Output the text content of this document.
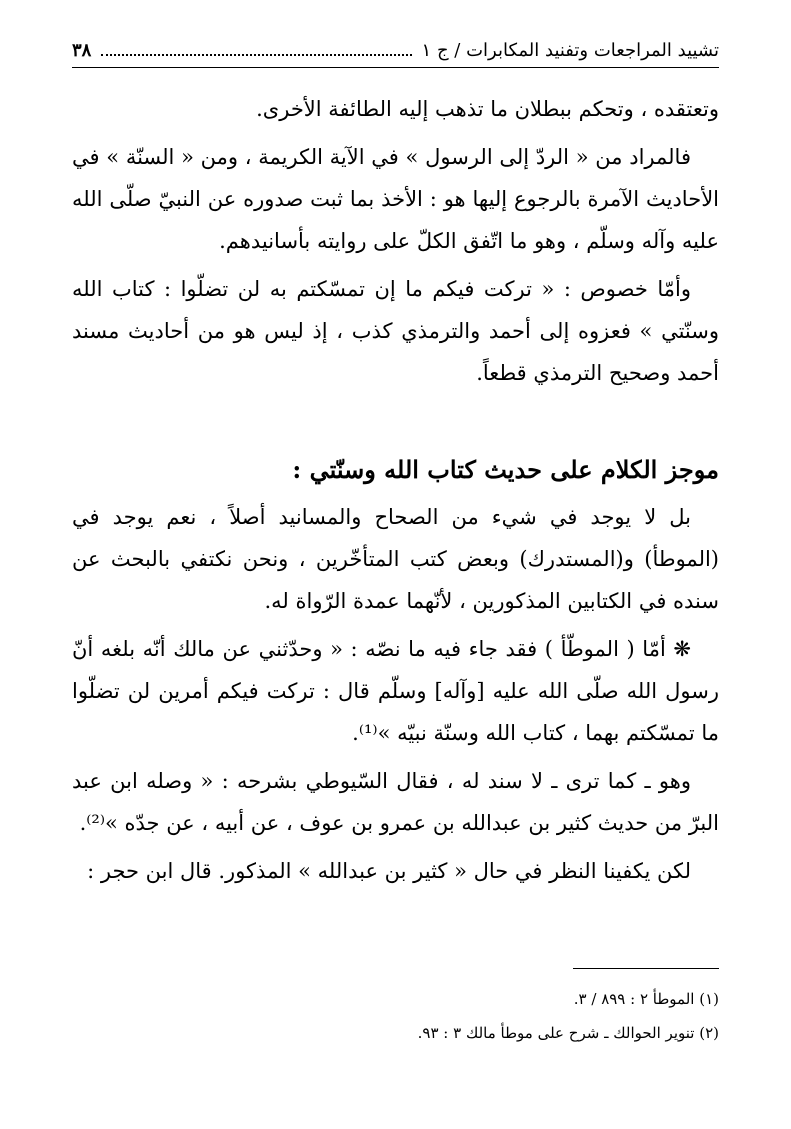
تشييد المراجعات وتفنيد المكابرات / ج ١
٣٨

وتعتقده ، وتحكم ببطلان ما تذهب إليه الطائفة الأخرى.

فالمراد من « الردّ إلى الرسول » في الآية الكريمة ، ومن « السنّة » في الأحاديث الآمرة بالرجوع إليها هو : الأخذ بما ثبت صدوره عن النبيّ صلّى الله عليه وآله وسلّم ، وهو ما اتّفق الكلّ على روايته بأسانيدهم.

وأمّا خصوص : « تركت فيكم ما إن تمسّكتم به لن تضلّوا : كتاب الله وسنّتي » فعزوه إلى أحمد والترمذي كذب ، إذ ليس هو من أحاديث مسند أحمد وصحيح الترمذي قطعاً.

موجز الكلام على حديث كتاب الله وسنّتي :

بل لا يوجد في شيء من الصحاح والمسانيد أصلاً ، نعم يوجد في (الموطأ) و(المستدرك) وبعض كتب المتأخّرين ، ونحن نكتفي بالبحث عن سنده في الكتابين المذكورين ، لأنّهما عمدة الرّواة له.

❋ أمّا ( الموطّأ ) فقد جاء فيه ما نصّه : « وحدّثني عن مالك أنّه بلغه أنّ رسول الله صلّى الله عليه [وآله] وسلّم قال : تركت فيكم أمرين لن تضلّوا ما تمسّكتم بهما ، كتاب الله وسنّة نبيّه »⁽¹⁾.

وهو ـ كما ترى ـ لا سند له ، فقال السّيوطي بشرحه : « وصله ابن عبد البرّ من حديث كثير بن عبدالله بن عمرو بن عوف ، عن أبيه ، عن جدّه »⁽²⁾.

لكن يكفينا النظر في حال « كثير بن عبدالله » المذكور. قال ابن حجر :

(١) الموطأ ٢ : ٨٩٩ / ٣.
(٢) تنوير الحوالك ـ شرح على موطأ مالك ٣ : ٩٣.
